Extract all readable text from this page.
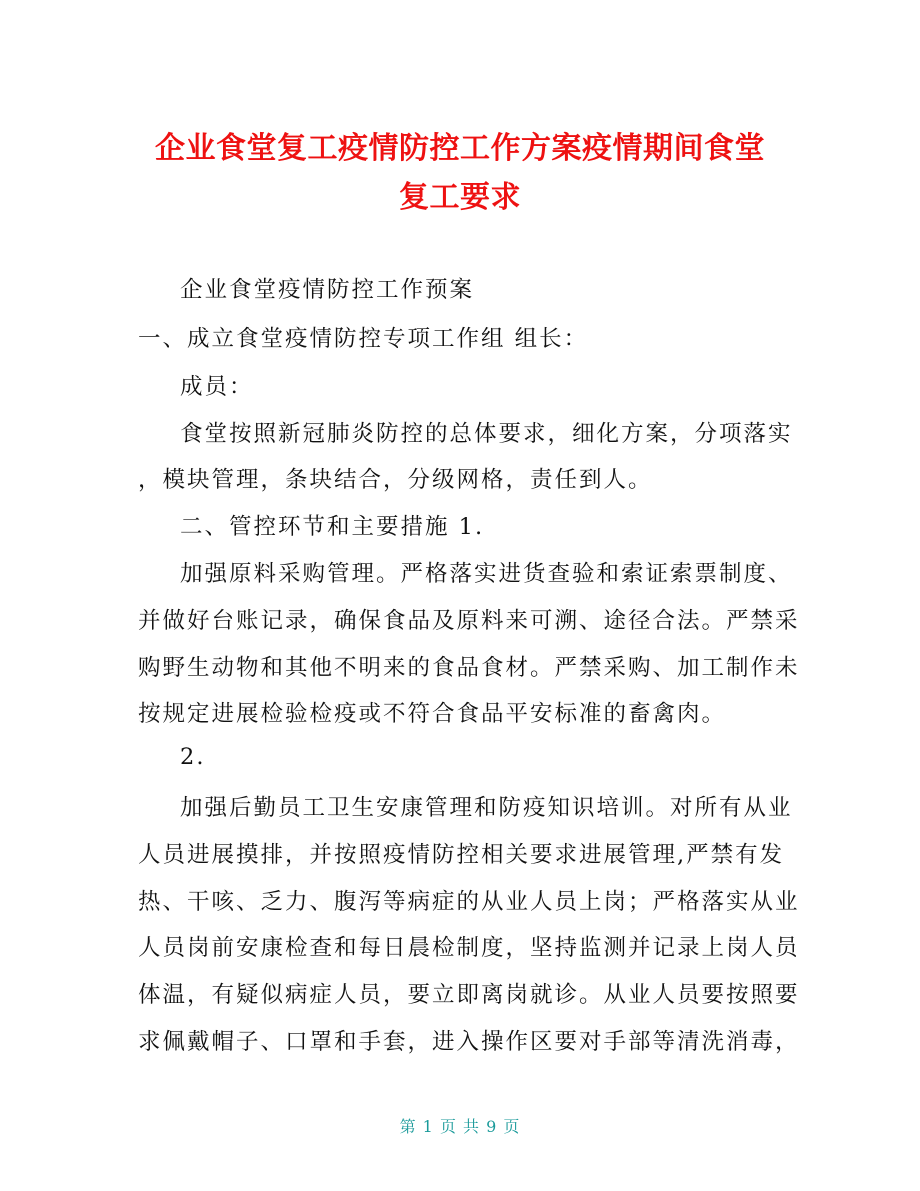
企业食堂复工疫情防控工作方案疫情期间食堂
复工要求
企业食堂疫情防控工作预案
一、成立食堂疫情防控专项工作组 组长：
成员：
食堂按照新冠肺炎防控的总体要求，细化方案，分项落实
，模块管理，条块结合，分级网格，责任到人。
二、管控环节和主要措施 1.
加强原料采购管理。严格落实进货查验和索证索票制度、
并做好台账记录，确保食品及原料来可溯、途径合法。严禁采
购野生动物和其他不明来的食品食材。严禁采购、加工制作未
按规定进展检验检疫或不符合食品平安标准的畜禽肉。
2.
加强后勤员工卫生安康管理和防疫知识培训。对所有从业
人员进展摸排，并按照疫情防控相关要求进展管理,严禁有发
热、干咳、乏力、腹泻等病症的从业人员上岗；严格落实从业
人员岗前安康检查和每日晨检制度，坚持监测并记录上岗人员
体温，有疑似病症人员，要立即离岗就诊。从业人员要按照要
求佩戴帽子、口罩和手套，进入操作区要对手部等清洗消毒，
第 1 页 共 9 页
